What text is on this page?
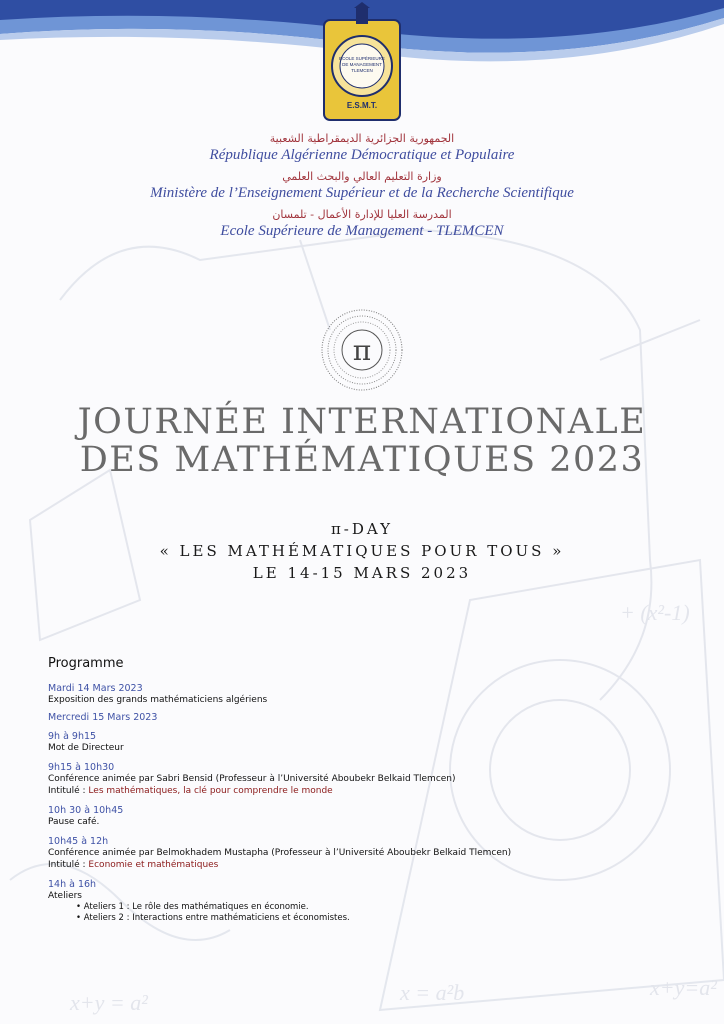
x = a²b
x+y = a²
x+y=a²
+ (x²-1)
ECOLE SUPÉRIEURE
DE MANAGEMENT
TLEMCEN
E.S.M.T.
الجمهورية الجزائرية الديمقراطية الشعبية
République Algérienne Démocratique et Populaire
وزارة التعليم العالي والبحث العلمي
Ministère de l’Enseignement Supérieur et de la Recherche Scientifique
المدرسة العليا للإدارة الأعمال - تلمسان
Ecole Supérieure de Management - TLEMCEN
π
JOURNÉE INTERNATIONALE
DES MATHÉMATIQUES 2023
π-DAY
« LES MATHÉMATIQUES POUR TOUS »
LE 14-15 MARS 2023
Programme
Mardi 14 Mars 2023
Exposition des grands mathématiciens algériens
Mercredi 15 Mars 2023
9h à 9h15
Mot de Directeur
9h15 à 10h30
Conférence animée par Sabri Bensid (Professeur à l’Université Aboubekr Belkaid Tlemcen)
Intitulé : Les mathématiques, la clé pour comprendre le monde
10h 30 à 10h45
Pause café.
10h45 à 12h
Conférence animée par Belmokhadem Mustapha (Professeur à l’Université Aboubekr Belkaid Tlemcen)
Intitulé : Economie et mathématiques
14h à 16h
Ateliers
• Ateliers 1 : Le rôle des mathématiques en économie.
• Ateliers 2 : Interactions entre mathématiciens et économistes.
